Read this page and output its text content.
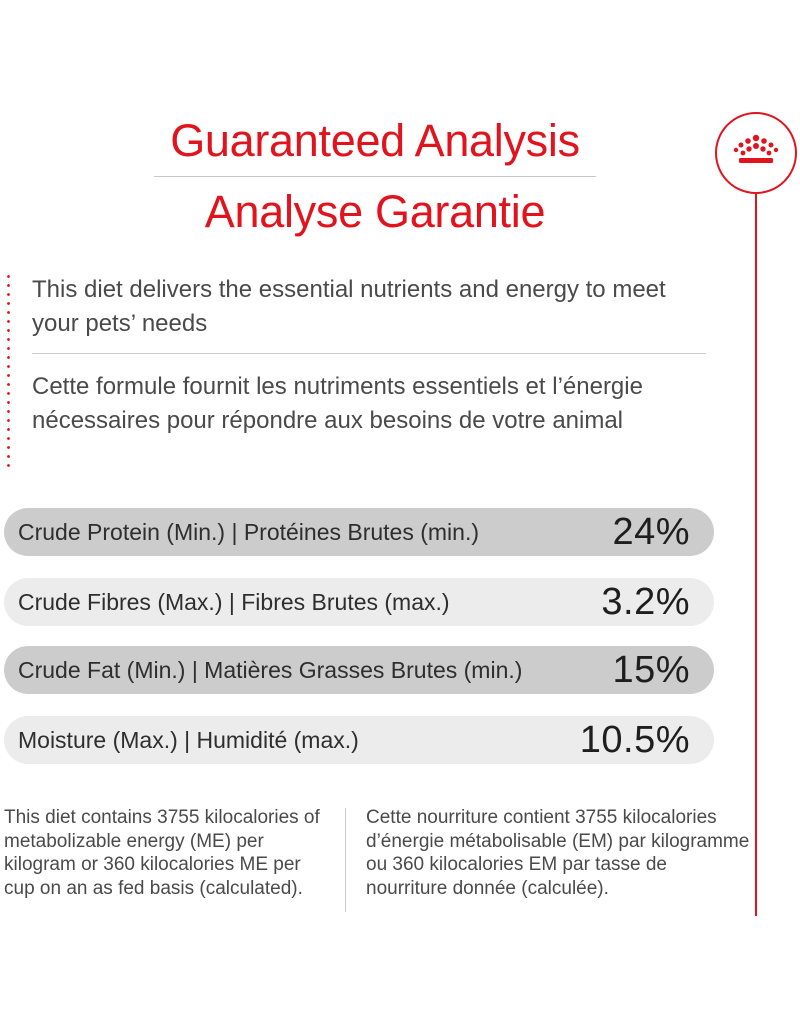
Guaranteed Analysis
Analyse Garantie
This diet delivers the essential nutrients and energy to meet your pets’ needs
Cette formule fournit les nutriments essentiels et l’énergie nécessaires pour répondre aux besoins de votre animal
Crude Protein (Min.) | Protéines Brutes (min.)	24%
Crude Fibres (Max.) | Fibres Brutes (max.)	3.2%
Crude Fat (Min.) | Matières Grasses Brutes (min.) 15%
Moisture (Max.) | Humidité (max.)	10.5%
This diet contains 3755 kilocalories of metabolizable energy (ME) per kilogram or 360 kilocalories ME per cup on an as fed basis (calculated).
Cette nourriture contient 3755 kilocalories d’énergie métabolisable (EM) par kilogramme ou 360 kilocalories EM par tasse de nourriture donnée (calculée).
